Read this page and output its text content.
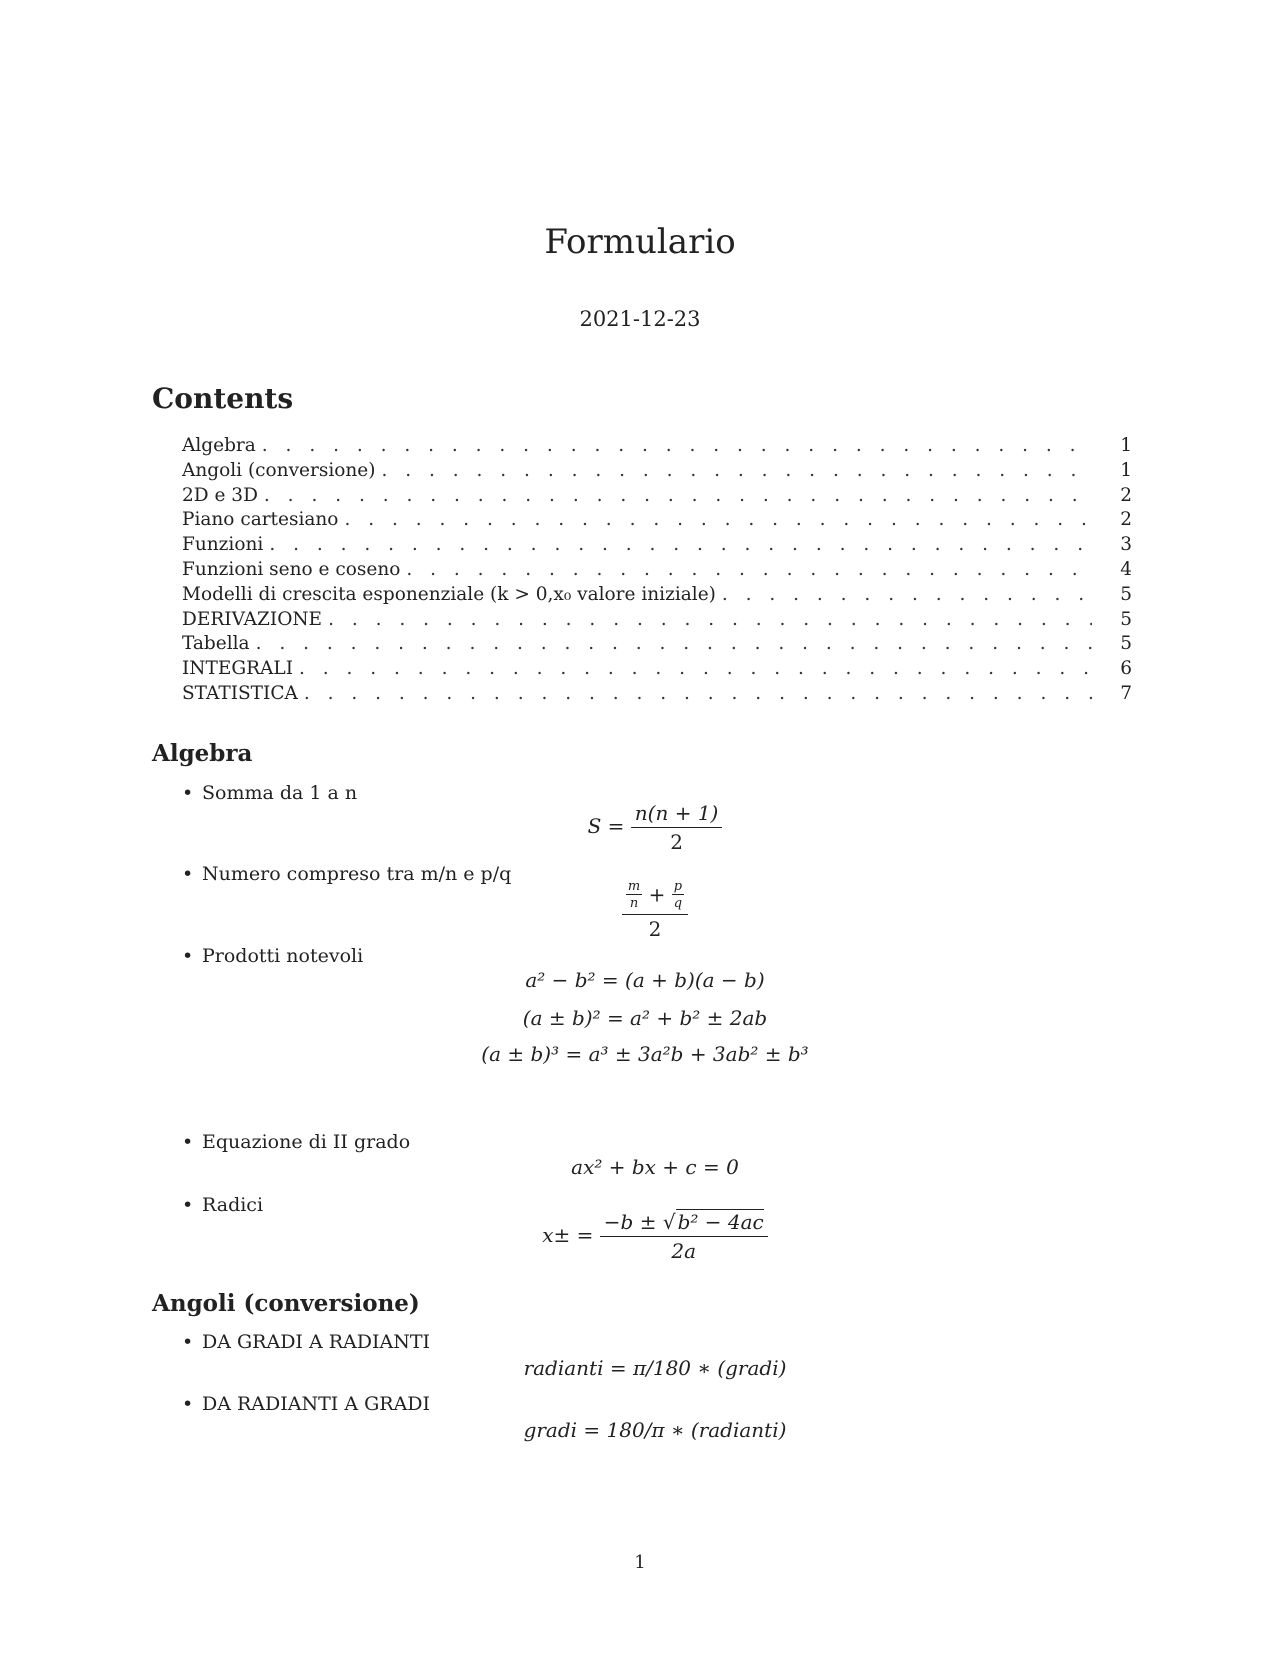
Formulario
2021-12-23
Contents
Algebra . . .	1
Angoli (conversione) . . .	1
2D e 3D . . .	2
Piano cartesiano . . .	2
Funzioni . . .	3
Funzioni seno e coseno . . .	4
Modelli di crescita esponenziale (k > 0,x₀ valore iniziale) . . .	5
DERIVAZIONE . . .	5
Tabella . . .	5
INTEGRALI . . .	6
STATISTICA . . .	7
Algebra
• Somma da 1 a n
$S = \frac{n(n + 1)}{2}$
• Numero compreso tra m/n e p/q
$\frac{m}{n} + \frac{p}{q}$
2
• Prodotti notevoli
a² − b² = (a + b)(a − b)
(a ± b)² = a² + b² ± 2ab
(a ± b)³ = a³ ± 3a²b + 3ab² ± b³
• Equazione di II grado
ax² + bx + c = 0
• Radici
$x\pm = \frac{\text{−b ± √ b² − 4ac}}{2a}$
Angoli (conversione)
• DA GRADI A RADIANTI
radianti = π/180 ∗ (gradi)
• DA RADIANTI A GRADI
gradi = 180/π ∗ (radianti)
1
